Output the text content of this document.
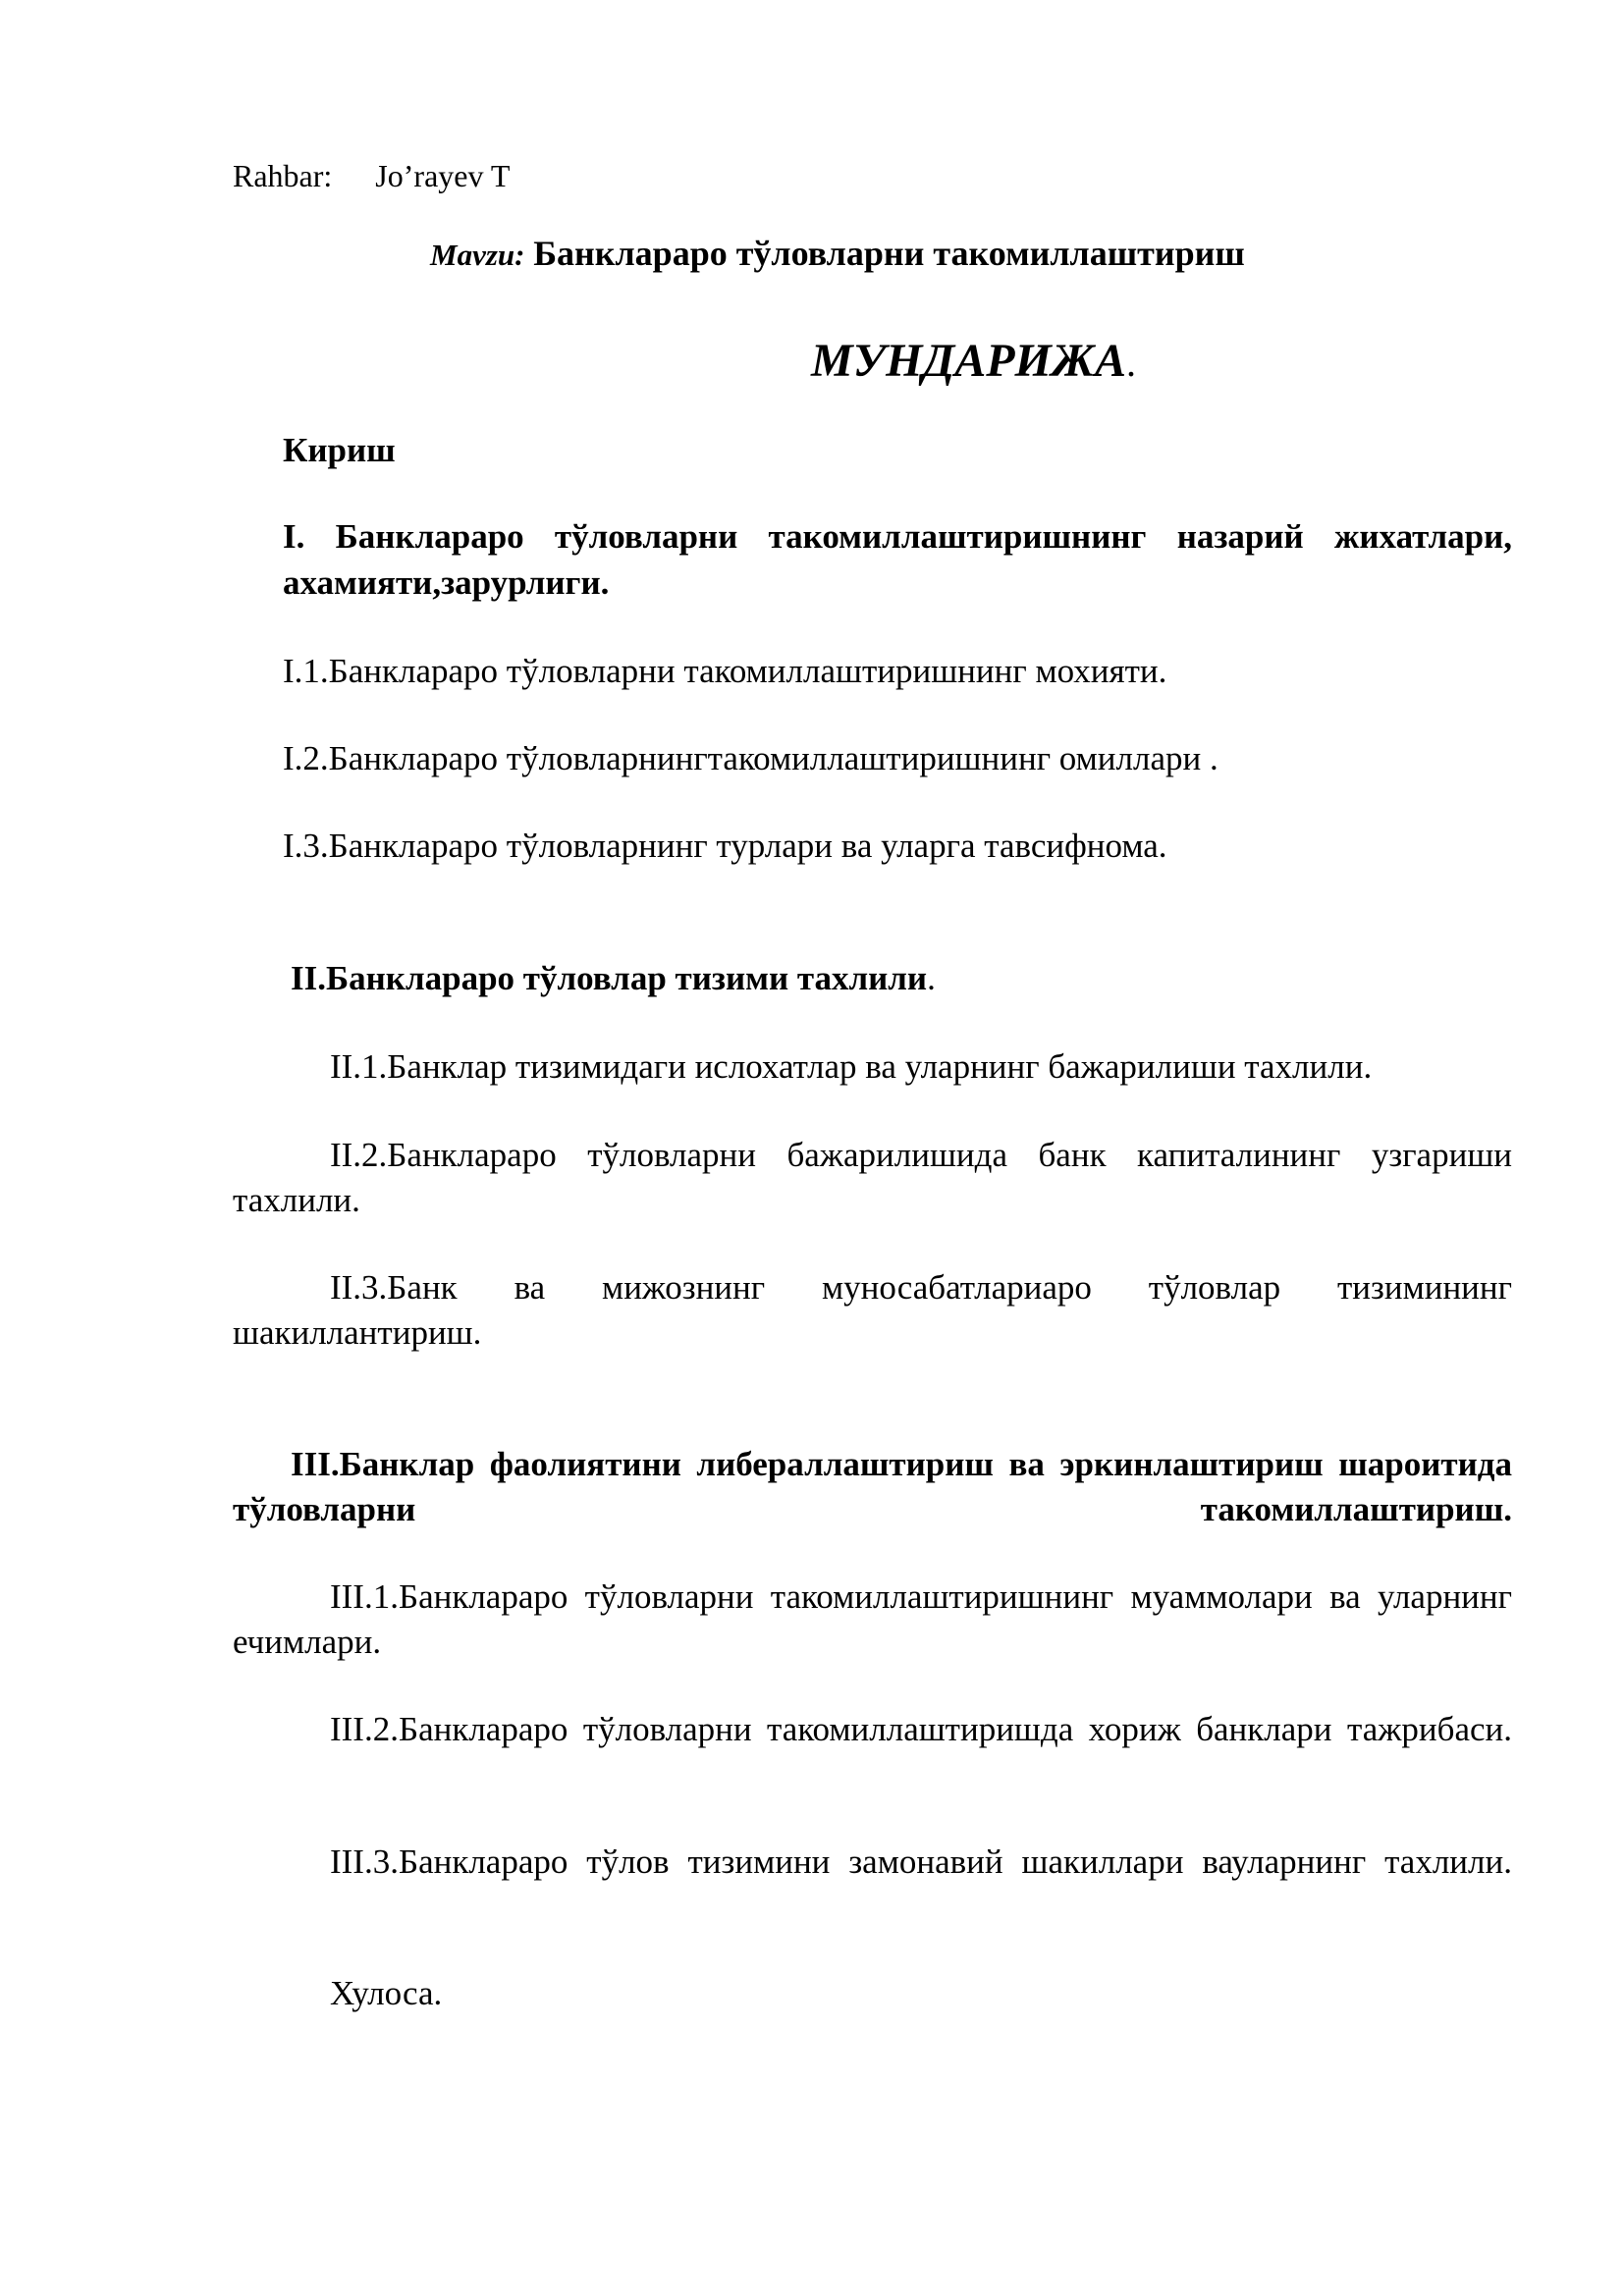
Rahbar: Jo’rayev T
Mavzu: Банклараро тўловларни такомиллаштириш
МУНДАРИЖА.
Кириш
I. Банклараро тўловларни такомиллаштиришнинг назарий жихатлари, ахамияти,зарурлиги.
I.1.Банклараро тўловларни такомиллаштиришнинг мохияти.
I.2.Банклараро тўловларнингтакомиллаштиришнинг омиллари .
I.3.Банклараро тўловларнинг турлари ва уларга тавсифнома.
II.Банклараро тўловлар тизими тахлили.
II.1.Банклар тизимидаги ислохатлар ва уларнинг бажарилиши тахлили.
II.2.Банклараро тўловларни бажарилишида банк капиталининг узгариши тахлили.
II.3.Банк ва мижознинг муносабатлариаро тўловлар тизимининг шакиллантириш.
III.Банклар фаолиятини либераллаштириш ва эркинлаштириш шароитида тўловларни такомиллаштириш.
III.1.Банклараро тўловларни такомиллаштиришнинг муаммолари ва уларнинг ечимлари.
III.2.Банклараро тўловларни такомиллаштиришда хориж банклари тажрибаси.
III.3.Банклараро тўлов тизимини замонавий шакиллари вауларнинг тахлили.
Хулоса.
